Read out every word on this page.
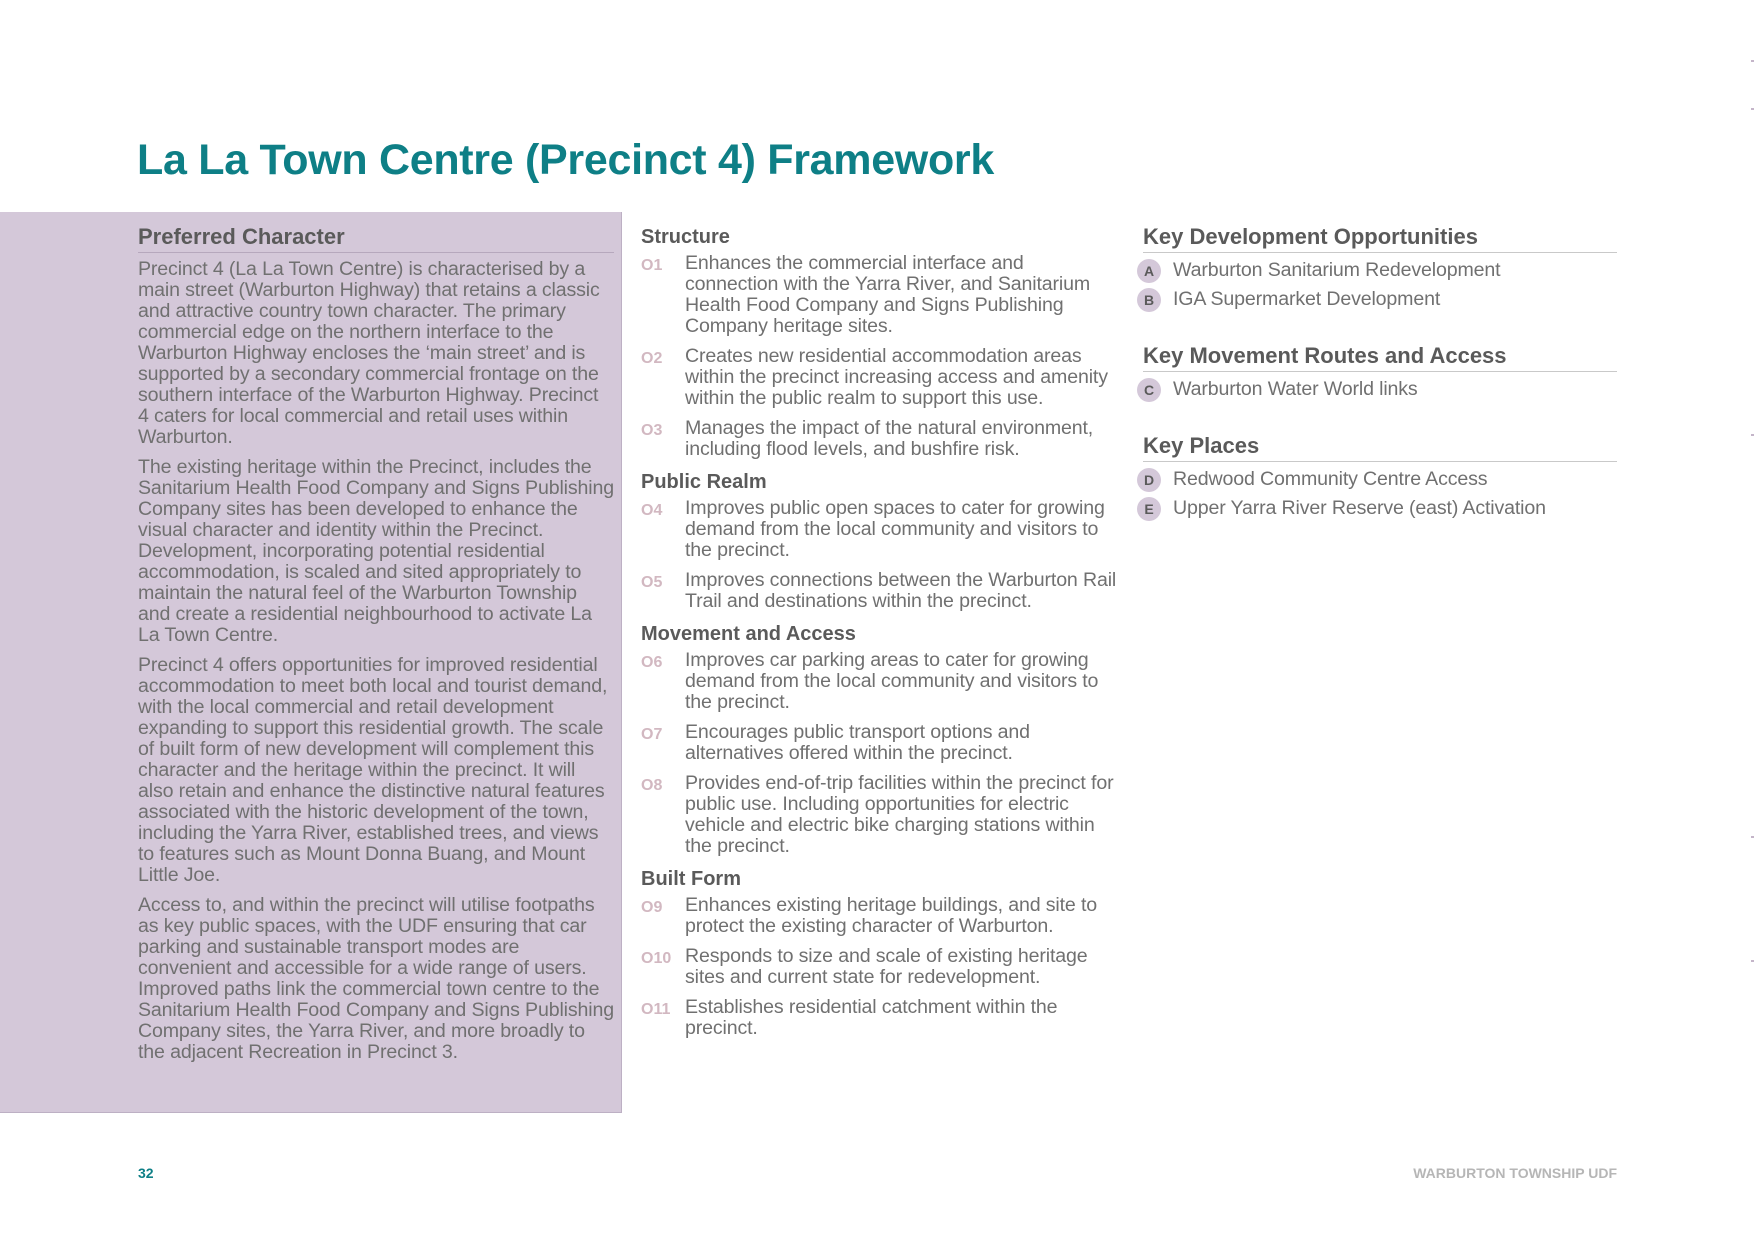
La La Town Centre (Precinct 4) Framework
Preferred Character

Precinct 4 (La La Town Centre) is characterised by a main street (Warburton Highway) that retains a classic and attractive country town character. The primary commercial edge on the northern interface to the Warburton Highway encloses the ‘main street’ and is supported by a secondary commercial frontage on the southern interface of the Warburton Highway. Precinct 4 caters for local commercial and retail uses within Warburton.

The existing heritage within the Precinct, includes the Sanitarium Health Food Company and Signs Publishing Company sites has been developed to enhance the visual character and identity within the Precinct. Development, incorporating potential residential accommodation, is scaled and sited appropriately to maintain the natural feel of the Warburton Township and create a residential neighbourhood to activate La La Town Centre.

Precinct 4 offers opportunities for improved residential accommodation to meet both local and tourist demand, with the local commercial and retail development expanding to support this residential growth. The scale of built form of new development will complement this character and the heritage within the precinct. It will also retain and enhance the distinctive natural features associated with the historic development of the town, including the Yarra River, established trees, and views to features such as Mount Donna Buang, and Mount Little Joe.

Access to, and within the precinct will utilise footpaths as key public spaces, with the UDF ensuring that car parking and sustainable transport modes are convenient and accessible for a wide range of users. Improved paths link the commercial town centre to the Sanitarium Health Food Company and Signs Publishing Company sites, the Yarra River, and more broadly to the adjacent Recreation in Precinct 3.

Structure
O1	Enhances the commercial interface and connection with the Yarra River, and Sanitarium Health Food Company and Signs Publishing Company heritage sites.
O2	Creates new residential accommodation areas within the precinct increasing access and amenity within the public realm to support this use.
O3	Manages the impact of the natural environment, including flood levels, and bushfire risk.
Public Realm
O4	Improves public open spaces to cater for growing demand from the local community and visitors to the precinct.
O5	Improves connections between the Warburton Rail Trail and destinations within the precinct.
Movement and Access
O6	Improves car parking areas to cater for growing demand from the local community and visitors to the precinct.
O7	Encourages public transport options and alternatives offered within the precinct.
O8	Provides end-of-trip facilities within the precinct for public use. Including opportunities for electric vehicle and electric bike charging stations within the precinct.
Built Form
O9	Enhances existing heritage buildings, and site to protect the existing character of Warburton.
O10 Responds to size and scale of existing heritage sites and current state for redevelopment.
O11 Establishes residential catchment within the precinct.
Key Development Opportunities
A Warburton Sanitarium Redevelopment
B IGA Supermarket Development
Key Movement Routes and Access
C Warburton Water World links
Key Places
D Redwood Community Centre Access
E Upper Yarra River Reserve (east) Activation
32	WARBURTON TOWNSHIP UDF
